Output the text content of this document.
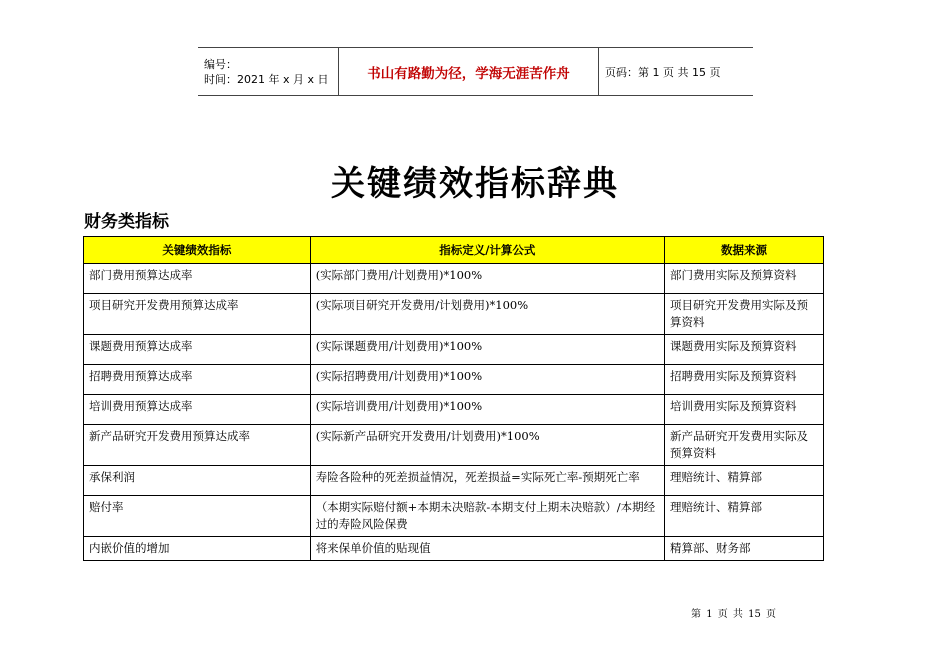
编号：
时间：2021 年 x 月 x 日	书山有路勤为径，学海无涯苦作舟	页码：第 1 页 共 15 页
关键绩效指标辞典
财务类指标
关键绩效指标	指标定义/计算公式	数据来源
部门费用预算达成率	(实际部门费用/计划费用)*100%	部门费用实际及预算资料
项目研究开发费用预算达成率	(实际项目研究开发费用/计划费用)*100%	项目研究开发费用实际及预算资料
课题费用预算达成率	(实际课题费用/计划费用)*100%	课题费用实际及预算资料
招聘费用预算达成率	(实际招聘费用/计划费用)*100%	招聘费用实际及预算资料
培训费用预算达成率	(实际培训费用/计划费用)*100%	培训费用实际及预算资料
新产品研究开发费用预算达成率	(实际新产品研究开发费用/计划费用)*100%	新产品研究开发费用实际及预算资料
承保利润	寿险各险种的死差损益情况，死差损益=实际死亡率-预期死亡率	理赔统计、精算部
赔付率	（本期实际赔付额+本期未决赔款-本期支付上期未决赔款）/本期经过的寿险风险保费	理赔统计、精算部
内嵌价值的增加	将来保单价值的贴现值	精算部、财务部
第 1 页 共 15 页
